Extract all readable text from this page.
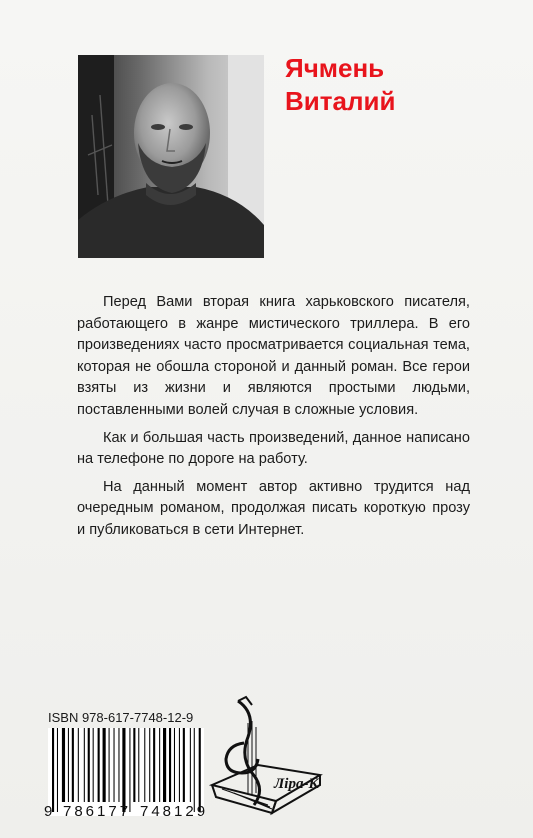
Ячмень
Виталий

Перед Вами вторая книга харьковского писателя, работающего в жанре мистического триллера. В его произведениях часто просматривается социальная тема, которая не обошла стороной и данный роман. Все герои взяты из жизни и являются простыми людьми, поставленными волей случая в сложные условия.

Как и большая часть произведений, данное написано на телефоне по дороге на работу.

На данный момент автор активно трудится над очередным романом, продолжая писать короткую прозу и публиковаться в сети Интернет.

ISBN 978-617-7748-12-9
9 786177 748129
Ліра-К
